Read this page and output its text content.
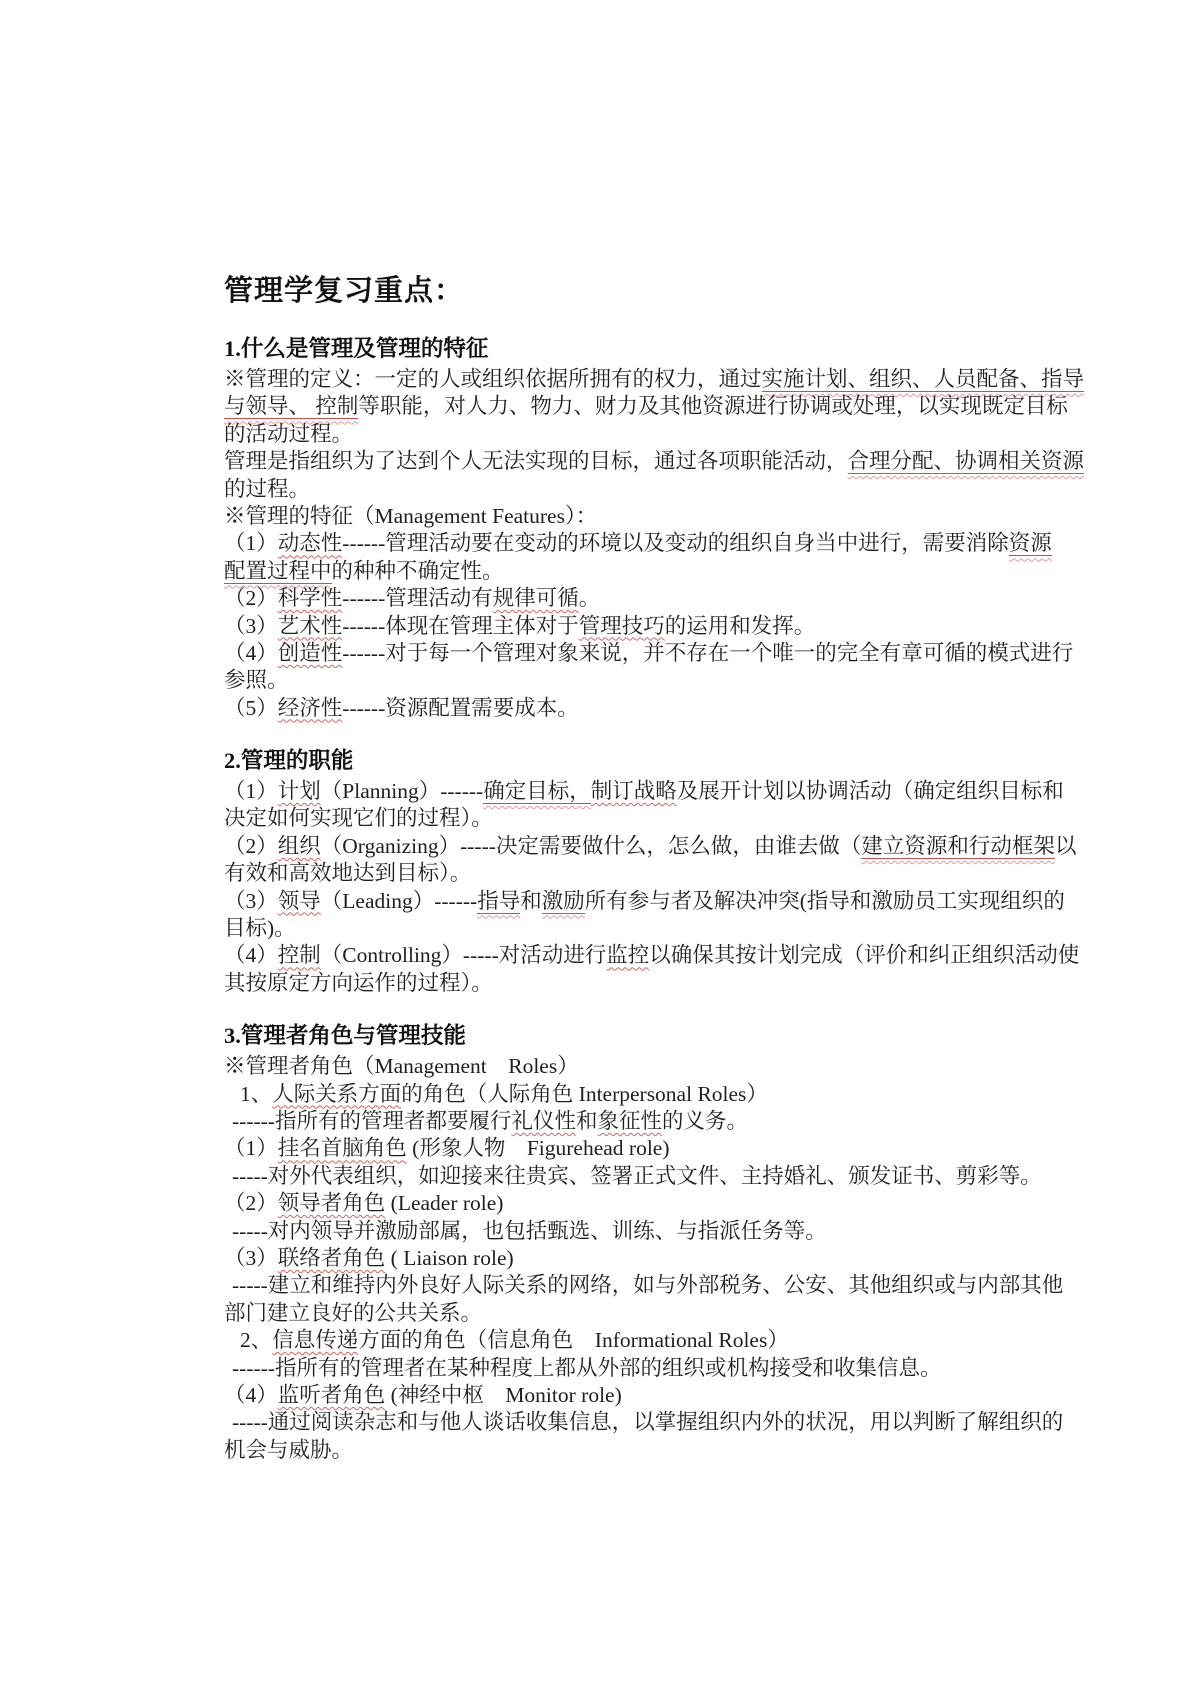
管理学复习重点：
1.什么是管理及管理的特征
※管理的定义：一定的人或组织依据所拥有的权力，通过实施计划、组织、人员配备、指导
与领导、 控制等职能，对人力、物力、财力及其他资源进行协调或处理，以实现既定目标
的活动过程。
管理是指组织为了达到个人无法实现的目标，通过各项职能活动，合理分配、协调相关资源
的过程。
※管理的特征（Management Features）：
（1）动态性------管理活动要在变动的环境以及变动的组织自身当中进行，需要消除资源
配置过程中的种种不确定性。
（2）科学性------管理活动有规律可循。
（3）艺术性------体现在管理主体对于管理技巧的运用和发挥。
（4）创造性------对于每一个管理对象来说，并不存在一个唯一的完全有章可循的模式进行
参照。
（5）经济性------资源配置需要成本。
2.管理的职能
（1）计划（Planning）------确定目标，制订战略及展开计划以协调活动（确定组织目标和
决定如何实现它们的过程）。
（2）组织（Organizing）-----决定需要做什么，怎么做，由谁去做（建立资源和行动框架以
有效和高效地达到目标）。
（3）领导（Leading）------指导和激励所有参与者及解决冲突(指导和激励员工实现组织的
目标)。
（4）控制（Controlling）-----对活动进行监控以确保其按计划完成（评价和纠正组织活动使
其按原定方向运作的过程）。
3.管理者角色与管理技能
※管理者角色（Management　Roles）
1、人际关系方面的角色（人际角色 Interpersonal Roles）
------指所有的管理者都要履行礼仪性和象征性的义务。
（1）挂名首脑角色 (形象人物　Figurehead role)
-----对外代表组织，如迎接来往贵宾、签署正式文件、主持婚礼、颁发证书、剪彩等。
（2）领导者角色 (Leader role)
-----对内领导并激励部属，也包括甄选、训练、与指派任务等。
（3）联络者角色 ( Liaison role)
-----建立和维持内外良好人际关系的网络，如与外部税务、公安、其他组织或与内部其他
部门建立良好的公共关系。
2、信息传递方面的角色（信息角色　Informational Roles）
------指所有的管理者在某种程度上都从外部的组织或机构接受和收集信息。
（4）监听者角色 (神经中枢　Monitor role)
-----通过阅读杂志和与他人谈话收集信息，以掌握组织内外的状况，用以判断了解组织的
机会与威胁。
